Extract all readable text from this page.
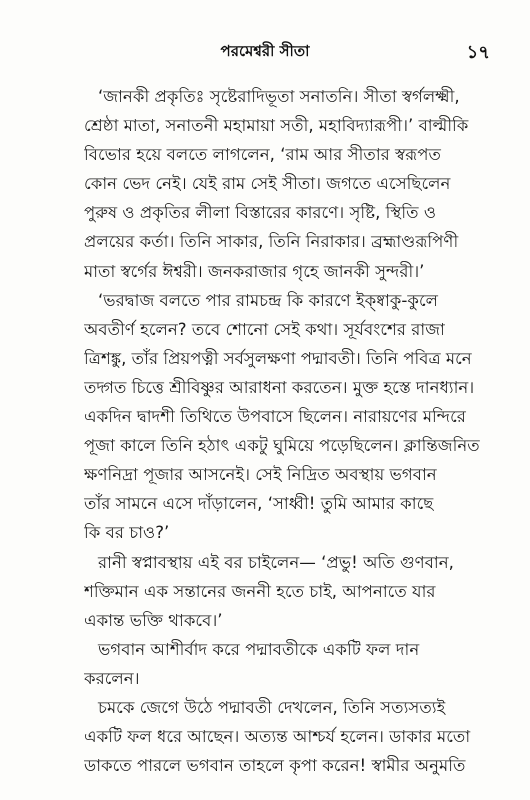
পরমেশ্বরী সীতা	১৭
‘জানকী প্রকৃতিঃ সৃষ্টেরাদিভূতা সনাতনি। সীতা স্বর্গলক্ষ্মী,
শ্রেষ্ঠা মাতা, সনাতনী মহামায়া সতী, মহাবিদ্যারূপী।’ বাল্মীকি
বিভোর হয়ে বলতে লাগলেন, ‘রাম আর সীতার স্বরূপত
কোন ভেদ নেই। যেই রাম সেই সীতা। জগতে এসেছিলেন
পুরুষ ও প্রকৃতির লীলা বিস্তারের কারণে। সৃষ্টি, স্থিতি ও
প্রলয়ের কর্তা। তিনি সাকার, তিনি নিরাকার। ব্রহ্মাণ্ডরূপিণী
মাতা স্বর্গের ঈশ্বরী। জনকরাজার গৃহে জানকী সুন্দরী।’
‘ভরদ্বাজ বলতে পার রামচন্দ্র কি কারণে ইক্ষ্বাকু-কুলে
অবতীর্ণ হলেন? তবে শোনো সেই কথা। সূর্যবংশের রাজা
ত্রিশঙ্কু, তাঁর প্রিয়পত্নী সর্বসুলক্ষণা পদ্মাবতী। তিনি পবিত্র মনে
তদ্গত চিত্তে শ্রীবিষ্ণুর আরাধনা করতেন। মুক্ত হস্তে দানধ্যান।
একদিন দ্বাদশী তিথিতে উপবাসে ছিলেন। নারায়ণের মন্দিরে
পূজা কালে তিনি হঠাৎ একটু ঘুমিয়ে পড়েছিলেন। ক্লান্তিজনিত
ক্ষণনিদ্রা পূজার আসনেই। সেই নিদ্রিত অবস্থায় ভগবান
তাঁর সামনে এসে দাঁড়ালেন, ‘সাধ্বী! তুমি আমার কাছে
কি বর চাও?’
রানী স্বপ্নাবস্থায় এই বর চাইলেন— ‘প্রভু! অতি গুণবান,
শক্তিমান এক সন্তানের জননী হতে চাই, আপনাতে যার
একান্ত ভক্তি থাকবে।’
ভগবান আশীর্বাদ করে পদ্মাবতীকে একটি ফল দান
করলেন।
চমকে জেগে উঠে পদ্মাবতী দেখলেন, তিনি সত্যসত্যই
একটি ফল ধরে আছেন। অত্যন্ত আশ্চর্য হলেন। ডাকার মতো
ডাকতে পারলে ভগবান তাহলে কৃপা করেন! স্বামীর অনুমতি
